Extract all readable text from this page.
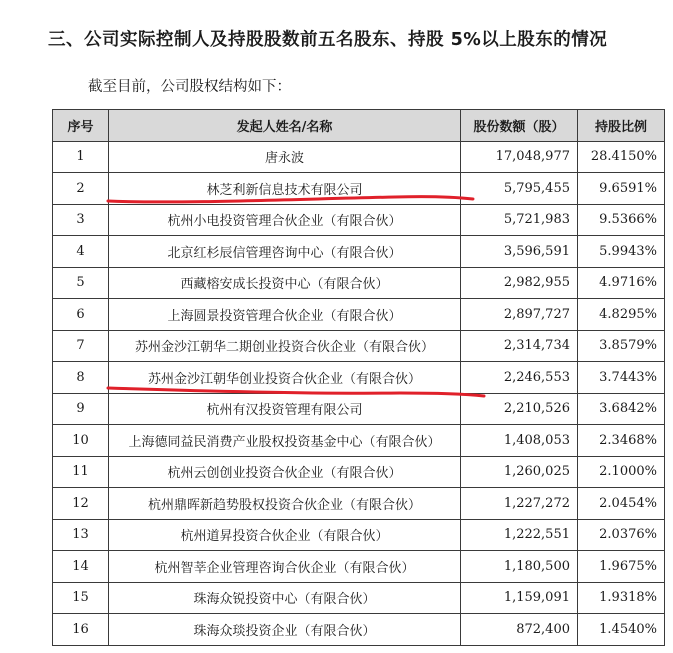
三、公司实际控制人及持股股数前五名股东、持股 5%以上股东的情况
截至目前，公司股权结构如下：
序号	发起人姓名/名称	股份数额（股）	持股比例
1	唐永波	17,048,977	28.4150%
2	林芝利新信息技术有限公司	5,795,455	9.6591%
3	杭州小电投资管理合伙企业（有限合伙）	5,721,983	9.5366%
4	北京红杉辰信管理咨询中心（有限合伙）	3,596,591	5.9943%
5	西藏榕安成长投资中心（有限合伙）	2,982,955	4.9716%
6	上海圆景投资管理合伙企业（有限合伙）	2,897,727	4.8295%
7	苏州金沙江朝华二期创业投资合伙企业（有限合伙）	2,314,734	3.8579%
8	苏州金沙江朝华创业投资合伙企业（有限合伙）	2,246,553	3.7443%
9	杭州有汉投资管理有限公司	2,210,526	3.6842%
10	上海德同益民消费产业股权投资基金中心（有限合伙）	1,408,053	2.3468%
11	杭州云创创业投资合伙企业（有限合伙）	1,260,025	2.1000%
12	杭州鼎晖新趋势股权投资合伙企业（有限合伙）	1,227,272	2.0454%
13	杭州道昇投资合伙企业（有限合伙）	1,222,551	2.0376%
14	杭州智莘企业管理咨询合伙企业（有限合伙）	1,180,500	1.9675%
15	珠海众锐投资中心（有限合伙）	1,159,091	1.9318%
16	珠海众琰投资企业（有限合伙）	872,400	1.4540%
